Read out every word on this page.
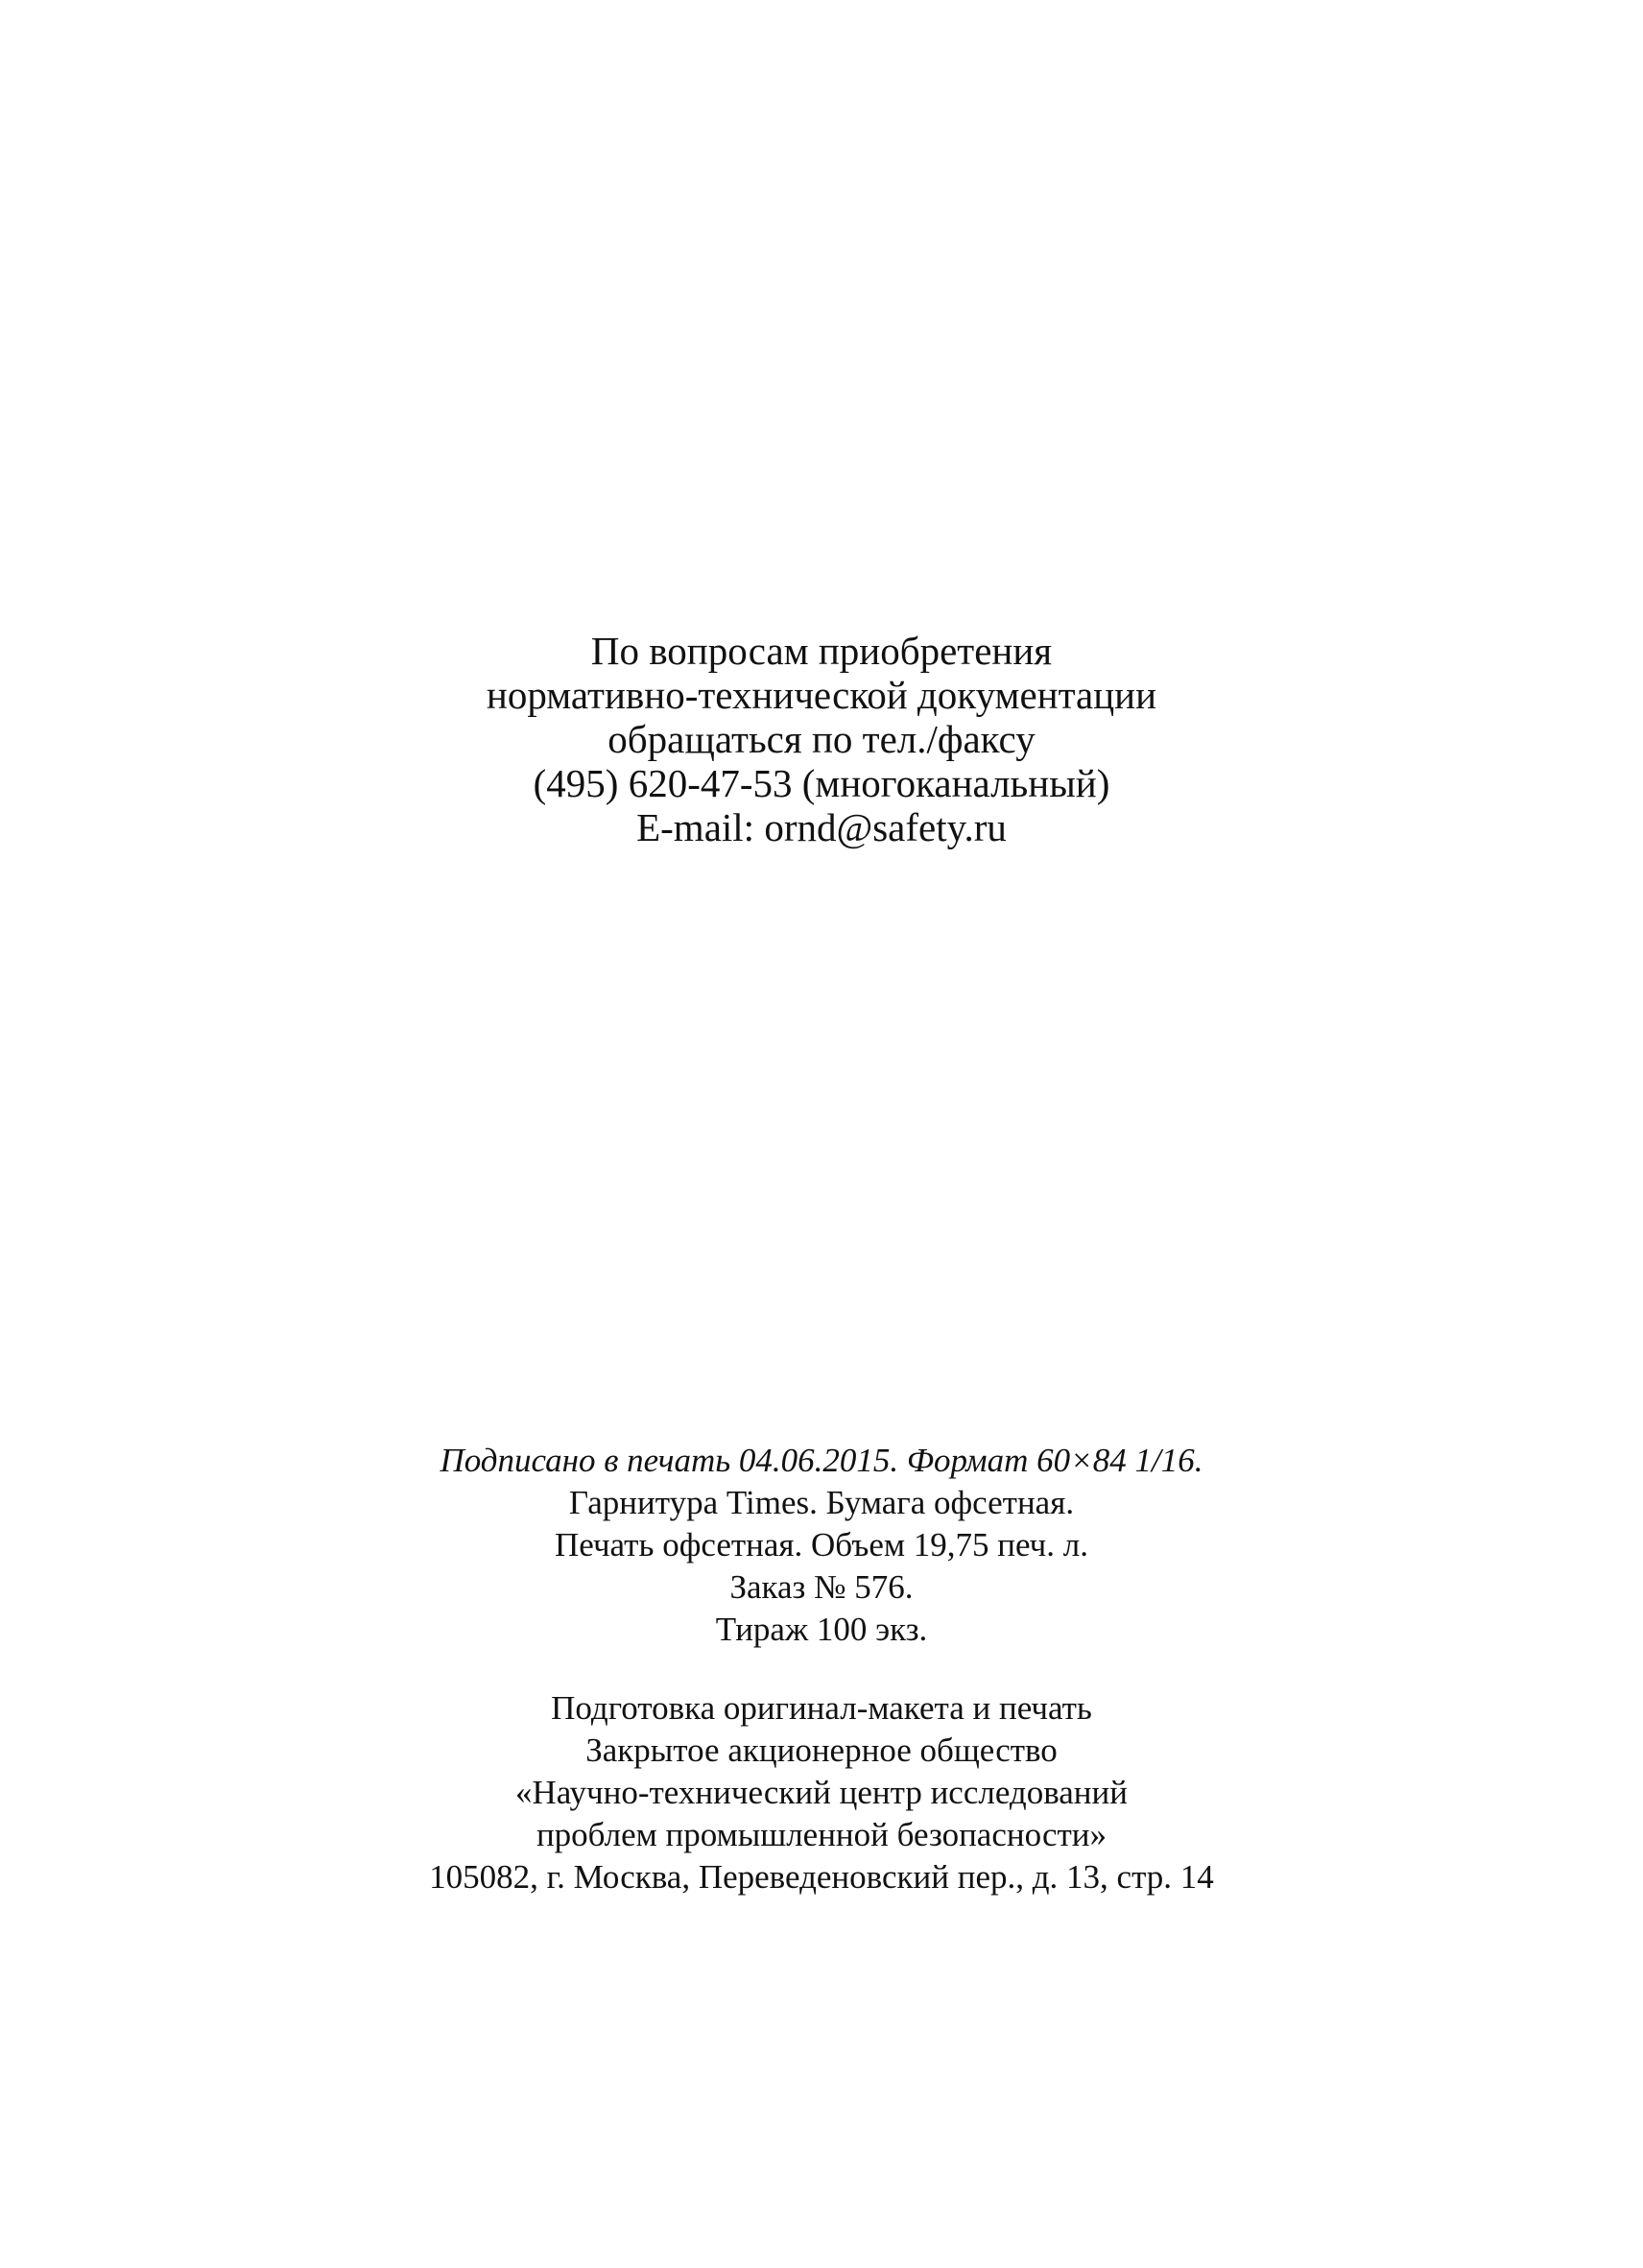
По вопросам приобретения
нормативно-технической документации
обращаться по тел./факсу
(495) 620-47-53 (многоканальный)
E-mail: ornd@safety.ru
Подписано в печать 04.06.2015. Формат 60×84 1/16.
Гарнитура Times. Бумага офсетная.
Печать офсетная. Объем 19,75 печ. л.
Заказ № 576.
Тираж 100 экз.
Подготовка оригинал-макета и печать
Закрытое акционерное общество
«Научно-технический центр исследований
проблем промышленной безопасности»
105082, г. Москва, Переведеновский пер., д. 13, стр. 14
